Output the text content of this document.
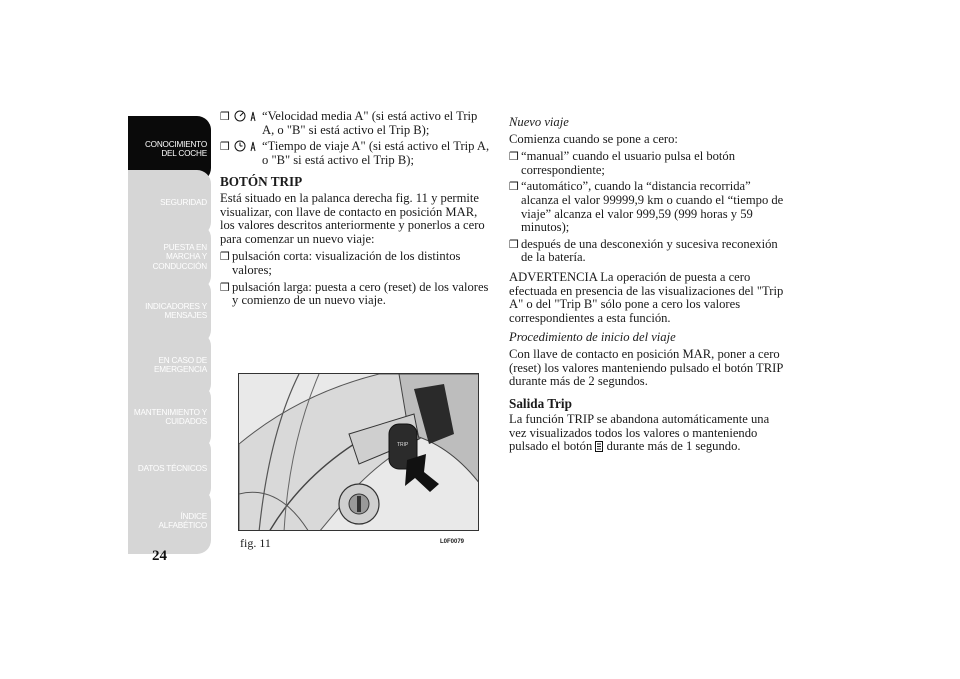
CONOCIMIENTO
DEL COCHE
SEGURIDAD
PUESTA EN
MARCHA Y
CONDUCCIÓN
INDICADORES Y
MENSAJES
EN CASO DE
EMERGENCIA
MANTENIMIENTO Y
CUIDADOS
DATOS TÉCNICOS
ÍNDICE
ALFABÉTICO
24
❒	“Velocidad media A" (si está activo el Trip A, o "B" si está activo el Trip B);
❒	“Tiempo de viaje A" (si está activo el Trip A, o "B" si está activo el Trip B);
BOTÓN TRIP

Está situado en la palanca derecha fig. 11 y permite visualizar, con llave de contacto en posición MAR, los valores descritos anteriormente y ponerlos a cero para comenzar un nuevo viaje:

❒ pulsación corta: visualización de los distintos valores;
❒ pulsación larga: puesta a cero (reset) de los valores y comienzo de un nuevo viaje.
TRIP
fig. 11	L0F0079
Nuevo viaje

Comienza cuando se pone a cero:

❒ “manual” cuando el usuario pulsa el botón correspondiente;
❒ “automático”, cuando la “distancia recorrida” alcanza el valor 99999,9 km o cuando el “tiempo de viaje” alcanza el valor 999,59 (999 horas y 59 minutos);
❒ después de una desconexión y sucesiva reconexión de la batería.

ADVERTENCIA La operación de puesta a cero efectuada en presencia de las visualizaciones del "Trip A" o del "Trip B" sólo pone a cero los valores correspondientes a esta función.

Procedimiento de inicio del viaje

Con llave de contacto en posición MAR, poner a cero (reset) los valores manteniendo pulsado el botón TRIP durante más de 2 segundos.

Salida Trip

La función TRIP se abandona automáticamente una vez visualizados todos los valores o manteniendo pulsado el botón durante más de 1 segundo.
